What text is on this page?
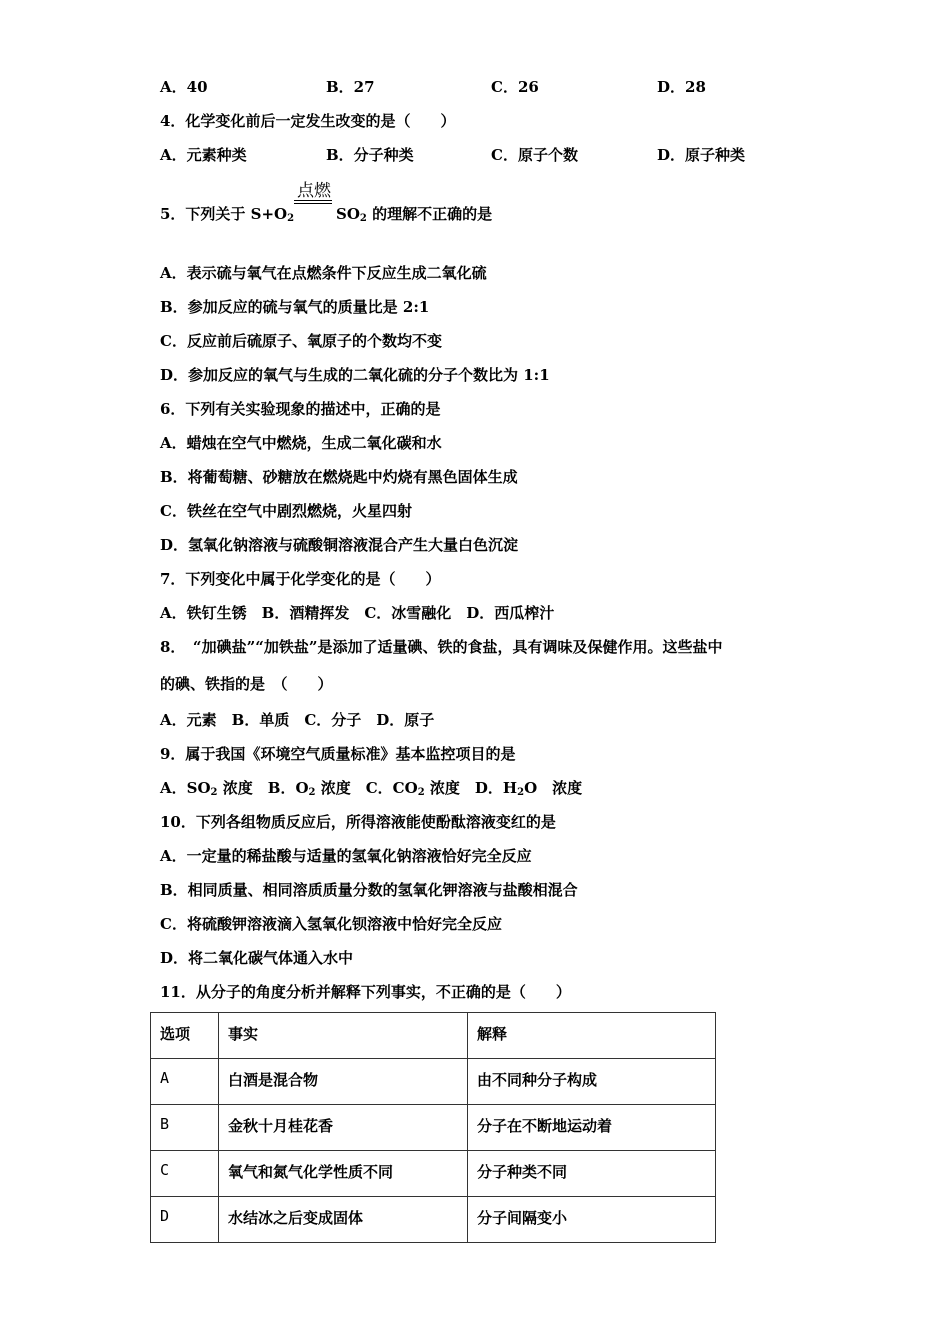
A．40	B．27	C．26	D．28
4．化学变化前后一定发生改变的是（　　）
A．元素种类	B．分子种类	C．原子个数	D．原子种类
5．下列关于 $S+O_2$
点燃
$SO_2$ 的理解不正确的是
A．表示硫与氧气在点燃条件下反应生成二氧化硫
B．参加反应的硫与氧气的质量比是 2:1
C．反应前后硫原子、氧原子的个数均不变
D．参加反应的氧气与生成的二氧化硫的分子个数比为 1:1
6．下列有关实验现象的描述中，正确的是
A．蜡烛在空气中燃烧，生成二氧化碳和水
B．将葡萄糖、砂糖放在燃烧匙中灼烧有黑色固体生成
C．铁丝在空气中剧烈燃烧，火星四射
D．氢氧化钠溶液与硫酸铜溶液混合产生大量白色沉淀
7．下列变化中属于化学变化的是（　　）
A．铁钉生锈　B．酒精挥发　C．冰雪融化　D．西瓜榨汁
8．　“加碘盐”“加铁盐”是添加了适量碘、铁的食盐，具有调味及保健作用。这些盐中
的碘、铁指的是　（　　）
A．元素　B．单质　C．分子　D．原子
9．属于我国《环境空气质量标准》基本监控项目的是
A．$SO_2$ 浓度　 B．$O_2$ 浓度　 C．$CO_2$ 浓度　 D．$H_2O$　浓度
10．下列各组物质反应后，所得溶液能使酚酞溶液变红的是
A．一定量的稀盐酸与适量的氢氧化钠溶液恰好完全反应
B．相同质量、相同溶质质量分数的氢氧化钾溶液与盐酸相混合
C．将硫酸钾溶液滴入氢氧化钡溶液中恰好完全反应
D．将二氧化碳气体通入水中
11．从分子的角度分析并解释下列事实，不正确的是（　　）
选项	事实	解释
A	白酒是混合物	由不同种分子构成
B	金秋十月桂花香	分子在不断地运动着
C	氧气和氮气化学性质不同	分子种类不同
D	水结冰之后变成固体	分子间隔变小
